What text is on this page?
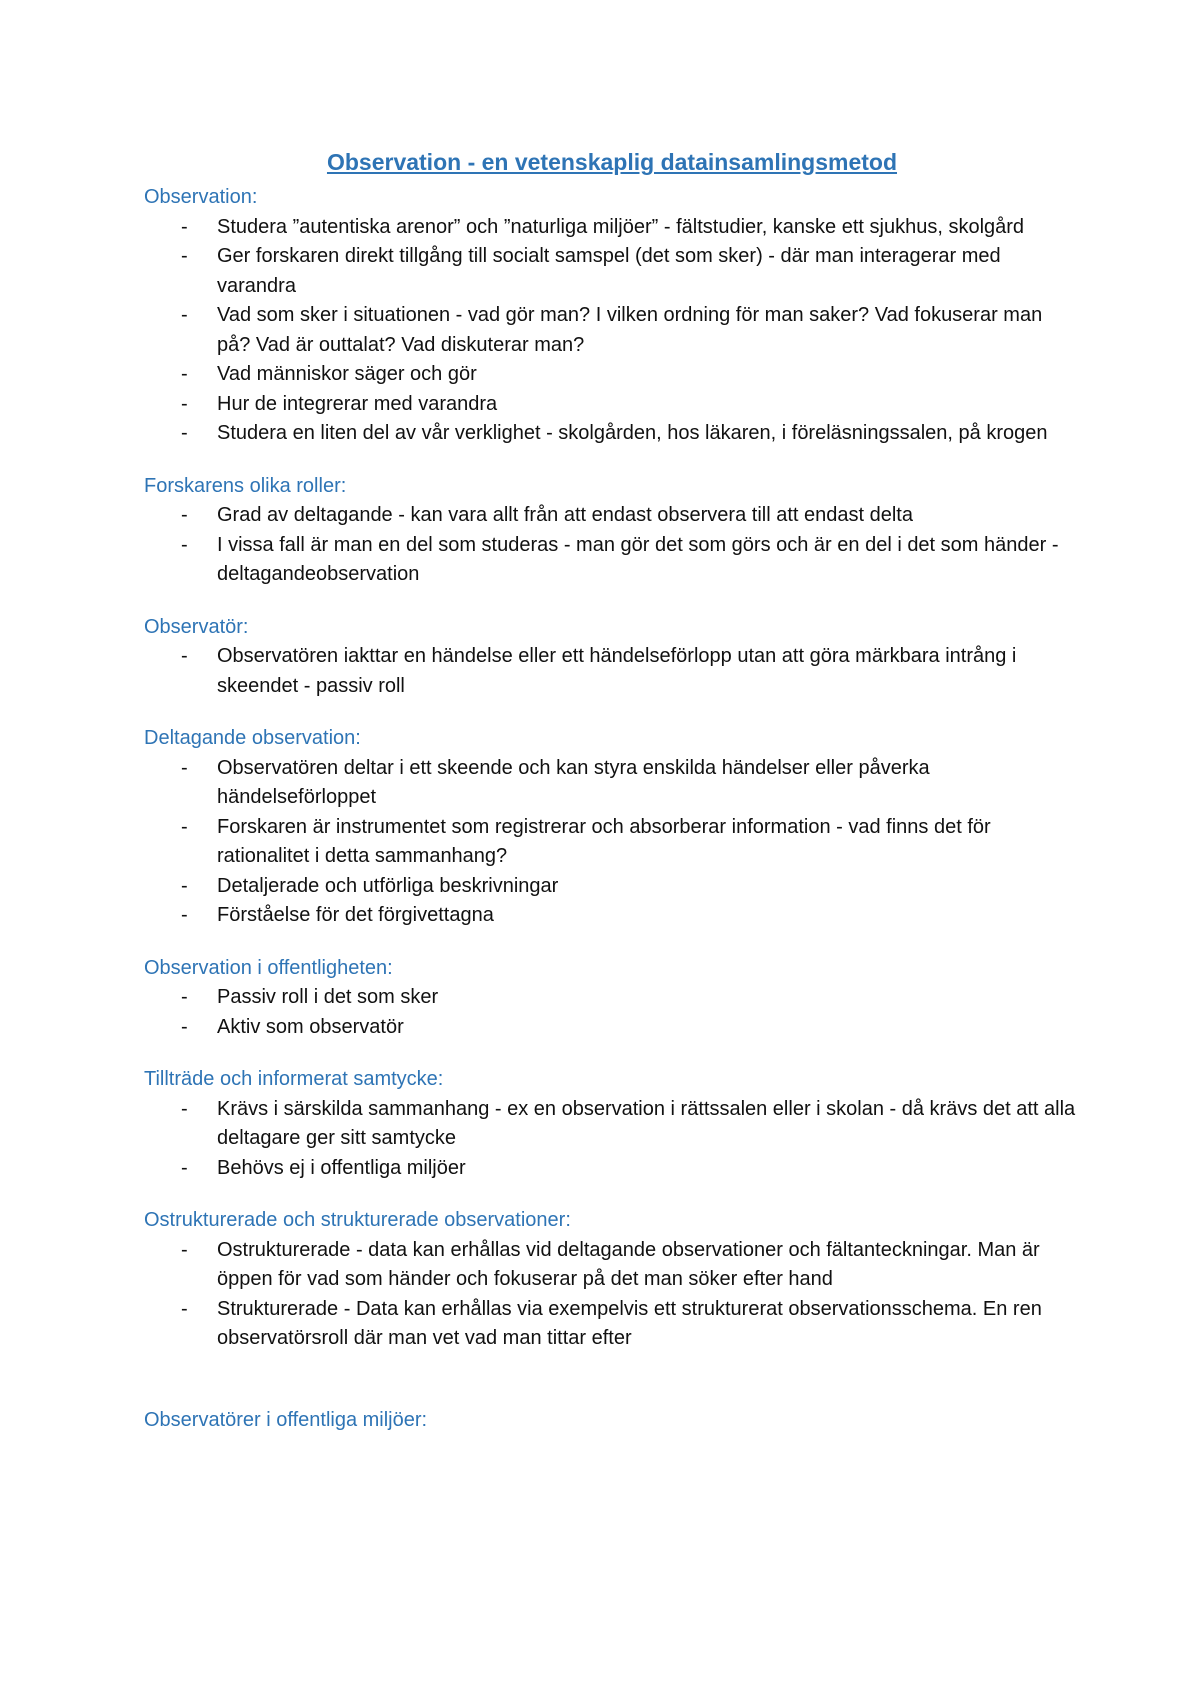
Observation - en vetenskaplig datainsamlingsmetod

Observation:

- Studera ”autentiska arenor” och ”naturliga miljöer” - fältstudier, kanske ett sjukhus, skolgård
- Ger forskaren direkt tillgång till socialt samspel (det som sker) - där man interagerar med varandra
- Vad som sker i situationen - vad gör man? I vilken ordning för man saker? Vad fokuserar man på? Vad är outtalat? Vad diskuterar man?
- Vad människor säger och gör
- Hur de integrerar med varandra
- Studera en liten del av vår verklighet - skolgården, hos läkaren, i föreläsningssalen, på krogen

Forskarens olika roller:

- Grad av deltagande - kan vara allt från att endast observera till att endast delta
- I vissa fall är man en del som studeras - man gör det som görs och är en del i det som händer - deltagandeobservation

Observatör:

- Observatören iakttar en händelse eller ett händelseförlopp utan att göra märkbara intrång i skeendet - passiv roll

Deltagande observation:

- Observatören deltar i ett skeende och kan styra enskilda händelser eller påverka händelseförloppet
- Forskaren är instrumentet som registrerar och absorberar information - vad finns det för rationalitet i detta sammanhang?
- Detaljerade och utförliga beskrivningar
- Förståelse för det förgivettagna

Observation i offentligheten:

- Passiv roll i det som sker
- Aktiv som observatör

Tillträde och informerat samtycke:

- Krävs i särskilda sammanhang - ex en observation i rättssalen eller i skolan - då krävs det att alla deltagare ger sitt samtycke
- Behövs ej i offentliga miljöer

Ostrukturerade och strukturerade observationer:

- Ostrukturerade - data kan erhållas vid deltagande observationer och fältanteckningar. Man är öppen för vad som händer och fokuserar på det man söker efter hand
- Strukturerade - Data kan erhållas via exempelvis ett strukturerat observationsschema. En ren observatörsroll där man vet vad man tittar efter

Observatörer i offentliga miljöer:
